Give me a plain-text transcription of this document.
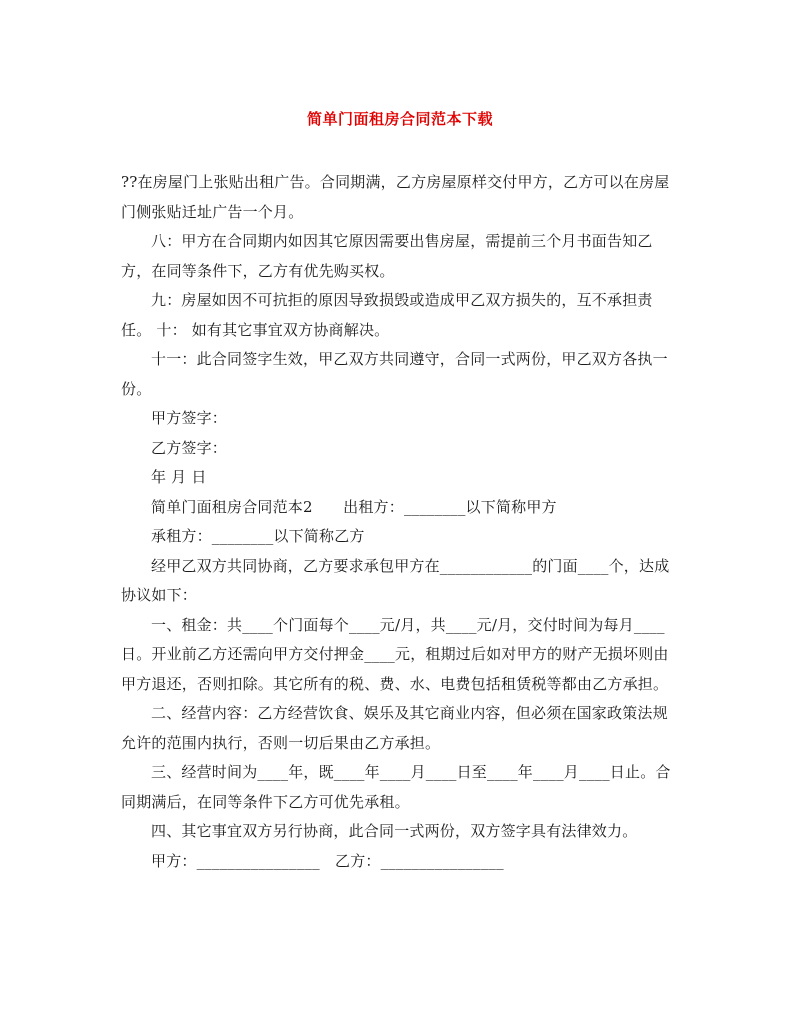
简单门面租房合同范本下载

??在房屋门上张贴出租广告。合同期满，乙方房屋原样交付甲方，乙方可以在房屋门侧张贴迁址广告一个月。

八：甲方在合同期内如因其它原因需要出售房屋，需提前三个月书面告知乙方，在同等条件下，乙方有优先购买权。

九：房屋如因不可抗拒的原因导致损毁或造成甲乙双方损失的，互不承担责任。 十： 如有其它事宜双方协商解决。

十一：此合同签字生效，甲乙双方共同遵守，合同一式两份，甲乙双方各执一份。

甲方签字：

乙方签字：

年 月 日

简单门面租房合同范本2　　出租方：________以下简称甲方

承租方：________以下简称乙方

经甲乙双方共同协商，乙方要求承包甲方在____________的门面____个，达成协议如下：

一、租金：共____个门面每个____元/月，共____元/月，交付时间为每月____日。开业前乙方还需向甲方交付押金____元，租期过后如对甲方的财产无损坏则由甲方退还，否则扣除。其它所有的税、费、水、电费包括租赁税等都由乙方承担。

二、经营内容：乙方经营饮食、娱乐及其它商业内容，但必须在国家政策法规允许的范围内执行，否则一切后果由乙方承担。

三、经营时间为____年，既____年____月____日至____年____月____日止。合同期满后，在同等条件下乙方可优先承租。

四、其它事宜双方另行协商，此合同一式两份，双方签字具有法律效力。

甲方：________________　乙方：________________
